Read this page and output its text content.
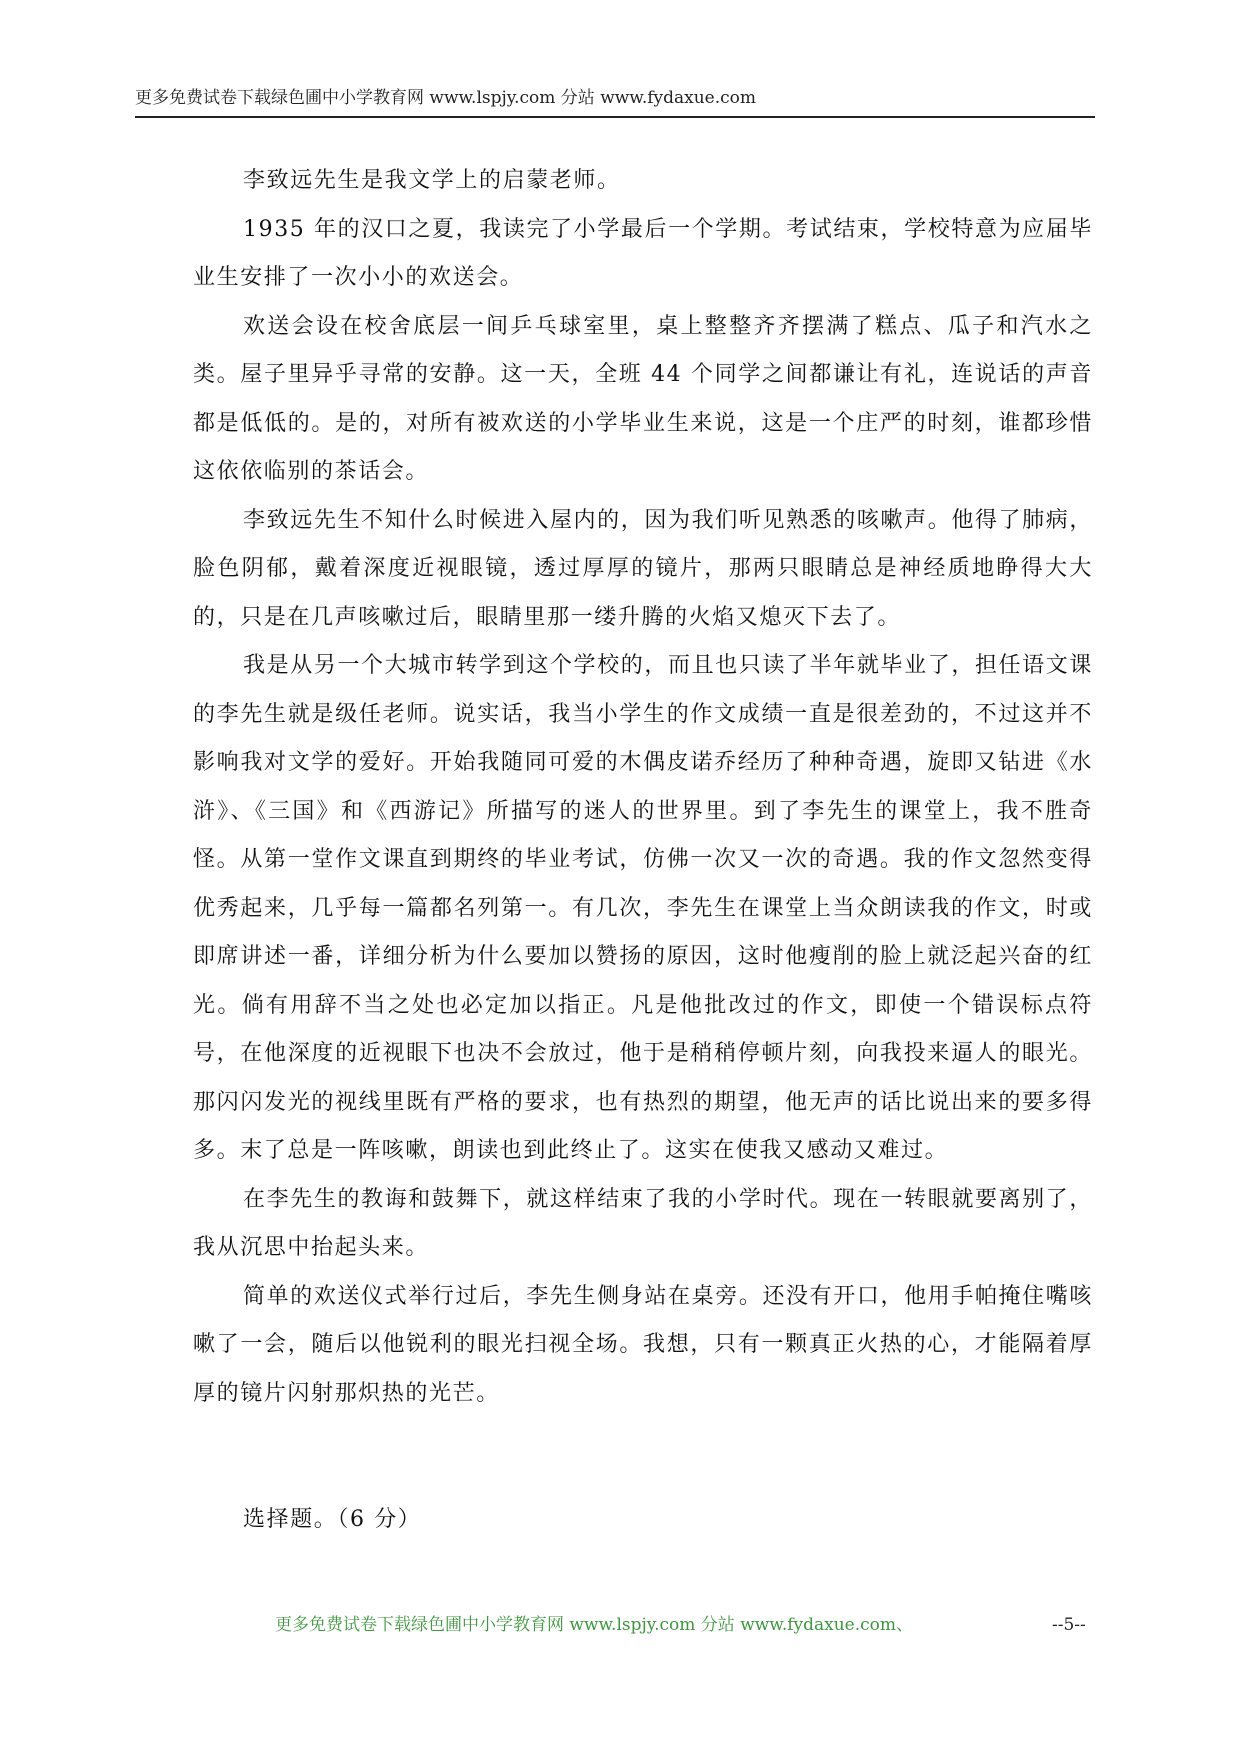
更多免费试卷下载绿色圃中小学教育网 www.lspjy.com 分站 www.fydaxue.com

李致远先生是我文学上的启蒙老师。

1935 年的汉口之夏，我读完了小学最后一个学期。考试结束，学校特意为应届毕业生安排了一次小小的欢送会。

欢送会设在校舍底层一间乒乓球室里，桌上整整齐齐摆满了糕点、瓜子和汽水之类。屋子里异乎寻常的安静。这一天，全班 44 个同学之间都谦让有礼，连说话的声音都是低低的。是的，对所有被欢送的小学毕业生来说，这是一个庄严的时刻，谁都珍惜这依依临别的茶话会。

李致远先生不知什么时候进入屋内的，因为我们听见熟悉的咳嗽声。他得了肺病，脸色阴郁，戴着深度近视眼镜，透过厚厚的镜片，那两只眼睛总是神经质地睁得大大的，只是在几声咳嗽过后，眼睛里那一缕升腾的火焰又熄灭下去了。

我是从另一个大城市转学到这个学校的，而且也只读了半年就毕业了，担任语文课的李先生就是级任老师。说实话，我当小学生的作文成绩一直是很差劲的，不过这并不影响我对文学的爱好。开始我随同可爱的木偶皮诺乔经历了种种奇遇，旋即又钻进《水浒》、《三国》和《西游记》所描写的迷人的世界里。到了李先生的课堂上，我不胜奇怪。从第一堂作文课直到期终的毕业考试，仿佛一次又一次的奇遇。我的作文忽然变得优秀起来，几乎每一篇都名列第一。有几次，李先生在课堂上当众朗读我的作文，时或即席讲述一番，详细分析为什么要加以赞扬的原因，这时他瘦削的脸上就泛起兴奋的红光。倘有用辞不当之处也必定加以指正。凡是他批改过的作文，即使一个错误标点符号，在他深度的近视眼下也决不会放过，他于是稍稍停顿片刻，向我投来逼人的眼光。那闪闪发光的视线里既有严格的要求，也有热烈的期望，他无声的话比说出来的要多得多。末了总是一阵咳嗽，朗读也到此终止了。这实在使我又感动又难过。

在李先生的教诲和鼓舞下，就这样结束了我的小学时代。现在一转眼就要离别了，我从沉思中抬起头来。

简单的欢送仪式举行过后，李先生侧身站在桌旁。还没有开口，他用手帕掩住嘴咳嗽了一会，随后以他锐利的眼光扫视全场。我想，只有一颗真正火热的心，才能隔着厚厚的镜片闪射那炽热的光芒。

选择题。（6 分）
更多免费试卷下载绿色圃中小学教育网 www.lspjy.com 分站 www.fydaxue.com、	--5--
